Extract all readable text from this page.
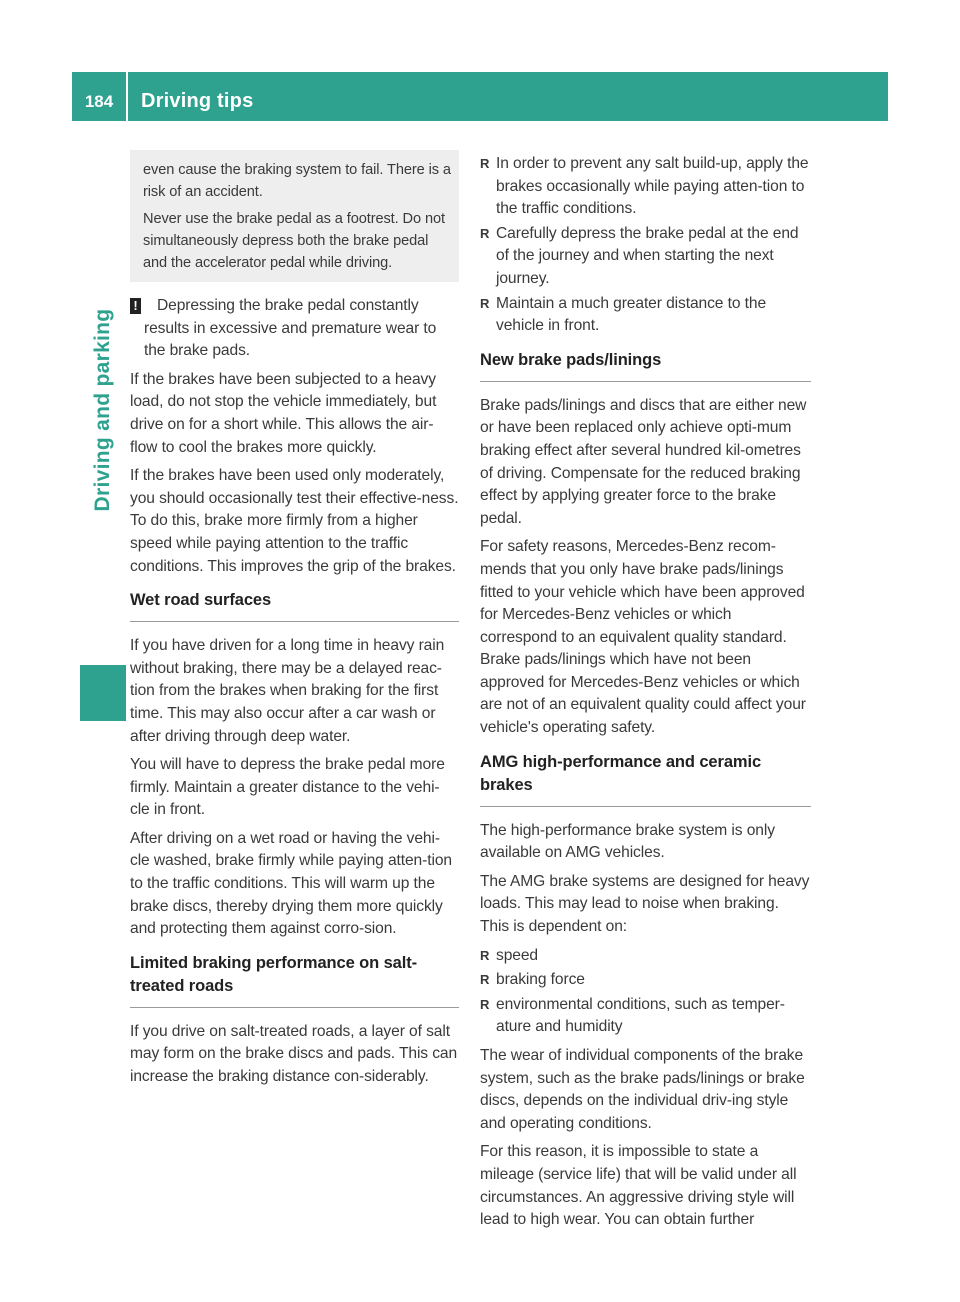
184	Driving tips
Driving and parking

even cause the braking system to fail. There is a risk of an accident.

Never use the brake pedal as a footrest. Do not simultaneously depress both the brake pedal and the accelerator pedal while driving.

! Depressing the brake pedal constantly results in excessive and premature wear to the brake pads.

If the brakes have been subjected to a heavy load, do not stop the vehicle immediately, but drive on for a short while. This allows the air-flow to cool the brakes more quickly.

If the brakes have been used only moderately, you should occasionally test their effective-ness. To do this, brake more firmly from a higher speed while paying attention to the traffic conditions. This improves the grip of the brakes.

Wet road surfaces

If you have driven for a long time in heavy rain without braking, there may be a delayed reac-tion from the brakes when braking for the first time. This may also occur after a car wash or after driving through deep water.

You will have to depress the brake pedal more firmly. Maintain a greater distance to the vehi-cle in front.

After driving on a wet road or having the vehi-cle washed, brake firmly while paying atten-tion to the traffic conditions. This will warm up the brake discs, thereby drying them more quickly and protecting them against corro-sion.

Limited braking performance on salt-treated roads

If you drive on salt-treated roads, a layer of salt may form on the brake discs and pads. This can increase the braking distance con-siderably.

R In order to prevent any salt build-up, apply the brakes occasionally while paying atten-tion to the traffic conditions.
R Carefully depress the brake pedal at the end of the journey and when starting the next journey.
R Maintain a much greater distance to the vehicle in front.
New brake pads/linings

Brake pads/linings and discs that are either new or have been replaced only achieve opti-mum braking effect after several hundred kil-ometres of driving. Compensate for the reduced braking effect by applying greater force to the brake pedal.

For safety reasons, Mercedes-Benz recom-mends that you only have brake pads/linings fitted to your vehicle which have been approved for Mercedes-Benz vehicles or which correspond to an equivalent quality standard. Brake pads/linings which have not been approved for Mercedes-Benz vehicles or which are not of an equivalent quality could affect your vehicle's operating safety.

AMG high-performance and ceramic brakes

The high-performance brake system is only available on AMG vehicles.

The AMG brake systems are designed for heavy loads. This may lead to noise when braking. This is dependent on:

R speed
R braking force
R environmental conditions, such as temper-ature and humidity

The wear of individual components of the brake system, such as the brake pads/linings or brake discs, depends on the individual driv-ing style and operating conditions.

For this reason, it is impossible to state a mileage (service life) that will be valid under all circumstances. An aggressive driving style will lead to high wear. You can obtain further
